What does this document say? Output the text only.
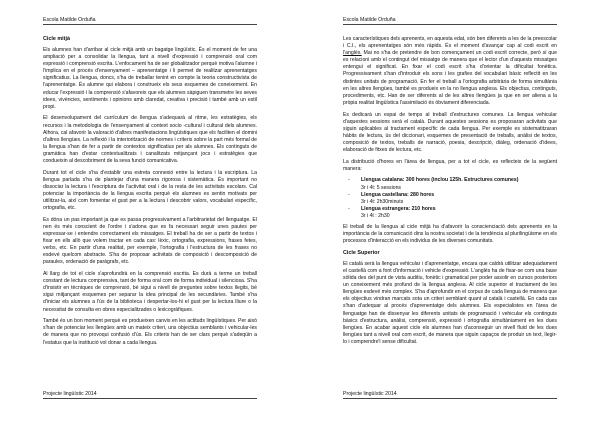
Escola Matilde Orduña
Cicle mitjà

Els alumnes han d'arribar al cicle mitjà amb un bagatge lingüístic. És el moment de fer una ampliació per a consolidar la llengua, tant a nivell d'expressió i comprensió oral com expressió i comprensió escrita. L'enfocament ha de ser globalitzador perquè motiva l'alumne i l'implica en el procés d'ensenyament – aprenentatge i li permet de realitzar aprenentatges significatius. La llengua, doncs, s'ha de treballar tenint en compte la teoria constructivista de l'aprenentatge. És alumne qui elabora i construeix els seus esquemes de coneixement. En educar l'expressió i la comprensió s'afavoreix que els alumnes sàpiguen transmetre les seves idees, vivències, sentiments i opinions amb claredat, creativa i precisió i també amb un estil propi.

El desenvolupament del currículum de llengua s'adequarà al ritme, les estratègies, els recursos i la metodologia de l'ensenyament al context socio -cultural i cultural dels alumnes. Alhora, cal afavorir la valoració d'altres manifestacions lingüístiques que els faciliten el domini d'altres llengües. La reflexió i la interiorització de normes i criteris sobre la part més formal de la llengua s'han de fer a partir de contextos significatius per als alumnes. Els continguts de gramàtica han d'estar contextualitzats i canalitzats mitjançant jocs i estratègies que condueixin al descobriment de la seva funció comunicativa.

Durant tot el cicle s'ha d'establir una estreta connexió entre la lectura i la escriptura. La llengua parlada s'ha de plantejar d'una manera rigorosa i sistemàtica. És important no dissociar la lectura i l'escriptura de l'activitat oral i de la resta de les activitats escolars. Cal potenciar la importància de la llengua escrita perquè els alumnes es sentin motivats per utilitzar-la, així com fomentar el gust per a la lectura i descobrir valors, vocabulari específic, ortografia, etc.

Es dóna un pas important ja que es passa progressivament a l'arbitrarietat del llenguatge. El nen és més conscient de l'ordre i s'adona que es fa necessari seguir unes pautes per expressar-se i entendre correctament els missatges. El treball ha de ser a partir de textos i fixar en ells allò que volem tractar en cada cas: lèxic, ortografia, expressions, frases fetes, verbs, etc. En partir d'una realitat, per exemple, l'ortografia i l'estructura de les frases no esdevé quelcom abstracte. S'ha de proposar activitats de composició i descomposició de paraules, ordenació de paràgrafs, etc.

Al llarg de tot el cicle s'aprofundirà en la comprensió escrita. Es durà a terme un treball constant de lectura comprensiva, tant de forma oral com de forma individual i silenciosa. S'ha d'insistir en tècniques de comprensió, bé sigui a nivell de preguntes sobre textos llegits, bé sigui mitjançant esquemes per separar la idea principal de les secundàries. També s'ha d'iniciar els alumnes a l'ús de la biblioteca i despertar-los-hi el gust per la lectura lliure o la necessitat de consulta en obres especialitzades o lexicogràfiques.

També és un bon moment perquè es produeixen canvis en les actituds lingüístiques. Per això s'han de potenciar les llengües amb un mateix criteri, uns objectius semblants i vehicular-les de manera que no provoqui confusió d'ús. Els criteris han de ser clars perquè s'adeqüin a l'estatus que la institució vol donar a cada llengua.

Projecte lingüístic 2014
Escola Matilde Orduña

Les característiques dels aprenents, en aquesta edat, són ben diferents a les de la preescolar i C.I., els aprenentatges són més ràpids. És el moment d'avançar cap al codi escrit en l'anglès. Mai no s'ha de pretendre de bon començament un codi escrit correcte, però sí que es relacioni amb el contingut del missatge de manera que el lector d'un d'aquests missatges entengui el significat. En fixar el codi escrit s'ha d'orientar la dificultat fonètica. Progressivament s'han d'introduir els sons i les grafies del vocabulari bàsic reflectit en les distintes unitats de programació. En fer el treball a l'ortografia arbitrària de forma simultània en les altres llengües, també es produeix en la no llengua anglesa. Els objectius, continguts, procediments, etc. Han de ser diferents al de les altres llengües ja que en ser aliena a la pròpia realitat lingüística l'assimilació és òbviament diferenciada.

Es dedicarà un espai de temps al treball d'estructures comunes. La llengua vehicular d'aquestes sessions serà el català. Durant aquestes sessions es proposaran activitats que siguin aplicables al tractament específic de cada llengua. Per exemple es sistematitzaran hàbits de lectura, ús del diccionari, esquemes de presentació de treballs, anàlisi de textos, composició de textos, treballs de narració, poesia, descripció, diàleg, ordenació d'idees, elaboració de fitxes de lectura, etc.

La distribució d'hores en l'àrea de llengua, per a tot el cicle, es reflecteix de la següent manera:

- Llengua catalana: 300 hores (inclou 125h. Estructures comunes)
3r i 4t: 5 sessions
- Llengua castellana: 280 hores
3r i 4t: 2h30minuts
- Llengua estrangera: 210 hores
3r i 4t : 2h30

El treball de la llengua al cicle mitjà ha d'afavorir la conscienciació dels aprenents en la importància de la comunicació dins la nostra societat i de la tendència al plurilingüisme en els processos d'interacció en els individus de les diverses comunitats.

Cicle Superior

El català serà la llengua vehicular i d'aprenentatge, encara que caldrà utilitzar adequadament el castellà com a font d'informació i vehicle d'expressió. L'anglès ha de fixar-se com una base sòlida des del punt de vista auditiu, fonètic i gramatical per poder assolir en cursos posteriors un coneixement més profund de la llengua anglesa. Al cicle superior el tractament de les llengües esdevé més complex. S'ha d'aprofundir en el corpus de cada llengua de manera que els objectius vindran marcats sota un criteri semblant quant al català i castellà. En cada cas s'han d'adequar al procés d'aprenentatge dels alumnes. Els especialistes en l'àrea de llenguatge han de dissenyar les diferents unitats de programació i vehicular els continguts bàsics d'estructura, anàlisi, comprensió, expressió i ortografia simultàniament en les dues llengües. En acabar aquest cicle els alumnes han d'aconseguir un nivell fluid de les dues llengües tant a nivell oral com escrit, de manera que siguin capaços de produir un text, llegir-lo i comprendre'l sense dificultat.

Projecte lingüístic 2014
